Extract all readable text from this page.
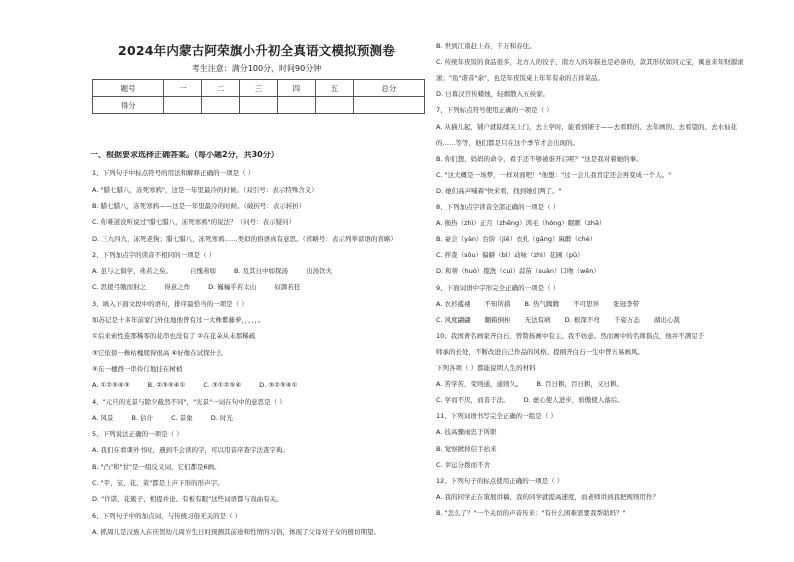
2024年内蒙古阿荣旗小升初全真语文模拟预测卷
考生注意：满分100分，时间90分钟
题号	一	二	三	四	五	总分
得分						
一、根据要求选择正确答案。（每小题2分，共30分）
1、下列句子中标点符号的用法和解释正确的一项是（ ）
A. "腊七腊八，冻死寒鸦"，这是一年里最冷的时候。（双引号：表示特殊含义）
B. 腊七腊八，冻死寒鸦——这是一年里最冷的时候。（破折号：表示转折）
C. 你难道没听说过"腊七腊八，冻死寒鸦"的说法？（问号：表示疑问）
D. 三九四九，冻死老狗；腊七腊八，冻死寒鸦……类似的俗语真有意思。（省略号：表示列举谚语的省略）
2、下列加点字的读音不相同的一项是（ ）
A. 虽与之俱学，弗若之矣。	自愧弗如	B. 及其日中如探汤	出汤饮火
C. 思援弓缴而射之	得意之作	D. 巍巍乎若太山	奴颜若狂
3、填入下面文段中的语句，排序最恰当的一项是（ ）
如苏记是十多年前家门外住地他曾有过一大株紫藤萝，，，，，。
①后来索性连那稀零的花串也没有了 ②在花朵从未那稀疏
③它依傍一株枯槐爬得很高 ④好像在试探什么
⑤东一穗西一串伶仃地挂在树梢
A. ①②⑤④③	B. ②③⑤④①	C. ③①②⑤④	D. ③②⑤④①
4、"元旦的光景与除夕截然不同"，"光景"一词在句中的意思是（ ）
A. 风景	B. 估计	C. 景象	D. 时光
5、下列说法正确的一项是（ ）
A. 我们在看课外书时，遇到不会读的字，可以用音序查字法查字典。
B. "凸"和"甘"是一组反义词，它们都是6画。
C. "平、宝、花、菜"都是上声下形的形声字。
D. "许诺、花簇子、相提并论、有板有眼"这些词语都与戏曲有关。
6、下列句子中的加点词，与传统习俗无关的是（ ）
A. 抓周儿是汉族人在庆贺幼儿周岁生日时预测其前途和性情的习俗，体现了父母对子女的殷切期望。
B. 世到江南赶上春，千万和春住。
C. 传统年夜饭的食品很多，北方人的饺子、南方人的年糕也是必备的，款其形状如同元宝，寓意来年财源滚
滚；"鱼"谐音"余"，也是年夜饭桌上年年有余的吉祥菜品。
D. 日暮汉宫传蜡烛，轻烟散入五侯家。
7、下列标点符号使用正确的一项是（ ）
A. 从猫儿起，铺户就陆续关上门，去上学时，能看到铺子——去看联的、去年画的、去看望的、去水仙花
的……等等，他们都是只在这个季节才会出现的。
B. 你们想，妈妈的命令，看手还不够被谁开启呢？"这是我对着她的事。
C. "这大概是一场梦，一样对面吧！"他想："过一会儿我肯定还会再变成一个人。"
D. 她们高声喊着"快来看，找到她们两了。"
8、下列加点字读音全部正确的一项是（ ）
A. 损热（zhì）正月（zhēng）鸿毛（hóng）眠眶（zhā）
B. 豪会（yàn）台阶（jiē）衣扎（gāng）麻醉（chè）
C. 拌查（sōu）偏僻（bì）动咏（zhì）花圃（pǔ）
D. 和蒂（huò）揽洗（cuì）蒜苗（suàn）口吻（wěn）
9、下面词语中字形完全正确的一项是（ ）
A. 衣衫褴褛 不知所措 B. 热气腾腾 不可思异 张冠李带
C. 风度翩翩 翻箱倒柜 无法有病 D. 根深不弯 千姿万态 湖出心裁
10、我国著名画家齐白石，曾赞扬画中有主，我不妨意。然而画中的名师指点，他并不满足于
师承的长处，不断改进自己作品的风格。提纲齐白石一生中曾五易画风。
下列各项（ ）都能说明人生的材料
A. 苦学苦，变则通，通则久。 B. 百日耕，百日耕，又日耕。
C. 学而不厌，而善于法。 D. 虚心使人进步，骄傲使人落后。
11、下列词语书写完全正确的一组是（ ）
A. 技高骤雨忠于所职
B. 觉察掀掉信手拈来
C. 幸运分拨而不舍
12、下列句子的标点使用正确的一项是（ ）
A. 我的同学正在策展讲稿，我的同学就提高速度，而老师讲到我把规则用作？
B. "怎么了？"一个关切的声音传来："有什么困难需要我帮助吗？"
